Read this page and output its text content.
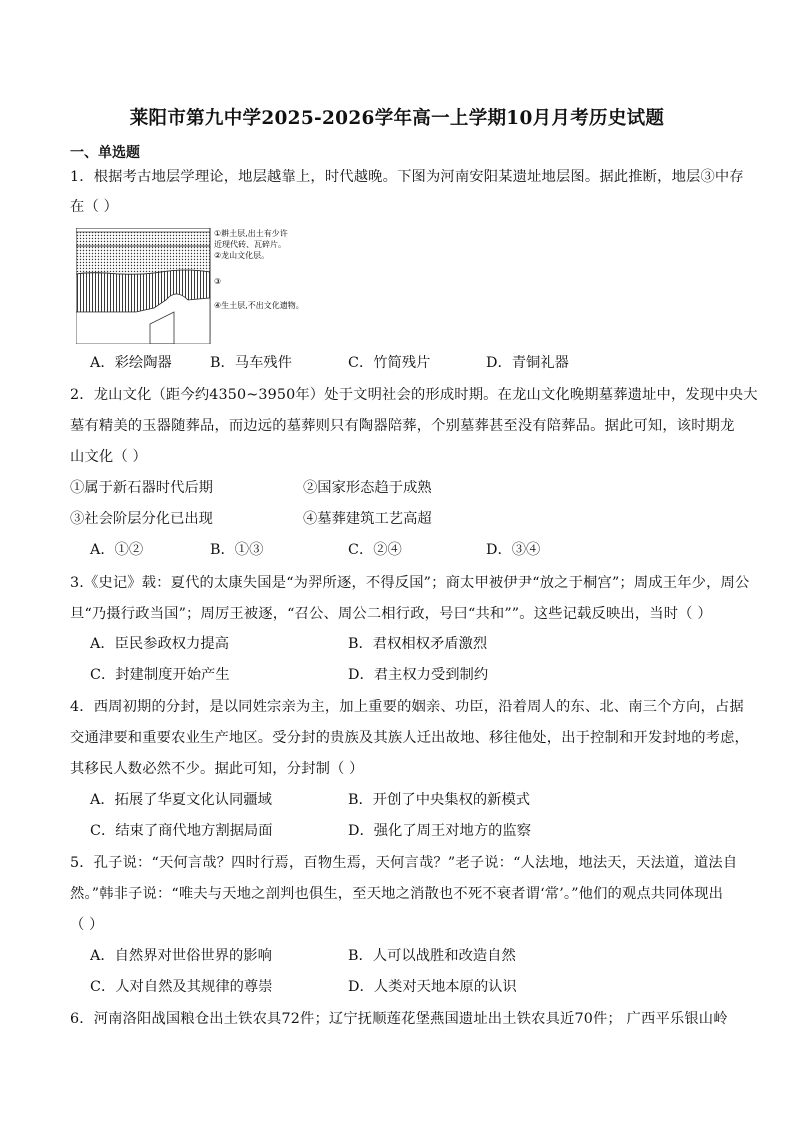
莱阳市第九中学2025-2026学年高一上学期10月月考历史试题
一、单选题
1．根据考古地层学理论，地层越靠上，时代越晚。下图为河南安阳某遗址地层图。据此推断，地层③中存
在（ ）
①耕土层,出土有少许
近现代砖、瓦碎片。
②龙山文化层。
③
④生土层,不出文化遗物。
A．彩绘陶器	B．马车残件	C．竹简残片	D．青铜礼器
2．龙山文化（距今约4350~3950年）处于文明社会的形成时期。在龙山文化晚期墓葬遗址中，发现中央大
墓有精美的玉器随葬品，而边远的墓葬则只有陶器陪葬，个别墓葬甚至没有陪葬品。据此可知，该时期龙
山文化（ ）
①属于新石器时代后期	②国家形态趋于成熟
③社会阶层分化已出现	④墓葬建筑工艺高超
A．①②	B．①③	C．②④	D．③④
3.《史记》载：夏代的太康失国是“为羿所逐，不得反国”；商太甲被伊尹“放之于桐宫”；周成王年少，周公
旦“乃摄行政当国”；周厉王被逐，“召公、周公二相行政，号曰“共和””。这些记载反映出，当时（ ）
A．臣民参政权力提高	B．君权相权矛盾激烈
C．封建制度开始产生	D．君主权力受到制约
4．西周初期的分封，是以同姓宗亲为主，加上重要的姻亲、功臣，沿着周人的东、北、南三个方向，占据
交通津要和重要农业生产地区。受分封的贵族及其族人迁出故地、移往他处，出于控制和开发封地的考虑，
其移民人数必然不少。据此可知，分封制（ ）
A．拓展了华夏文化认同疆域	B．开创了中央集权的新模式
C．结束了商代地方割据局面	D．强化了周王对地方的监察
5．孔子说：“天何言哉？四时行焉，百物生焉，天何言哉？”老子说：“人法地，地法天，天法道，道法自
然。”韩非子说：“唯夫与天地之剖判也俱生，至天地之消散也不死不衰者谓‘常’。”他们的观点共同体现出
（ ）
A．自然界对世俗世界的影响	B．人可以战胜和改造自然
C．人对自然及其规律的尊崇	D．人类对天地本原的认识
6．河南洛阳战国粮仓出土铁农具72件；辽宁抚顺莲花堡燕国遗址出土铁农具近70件； 广西平乐银山岭
